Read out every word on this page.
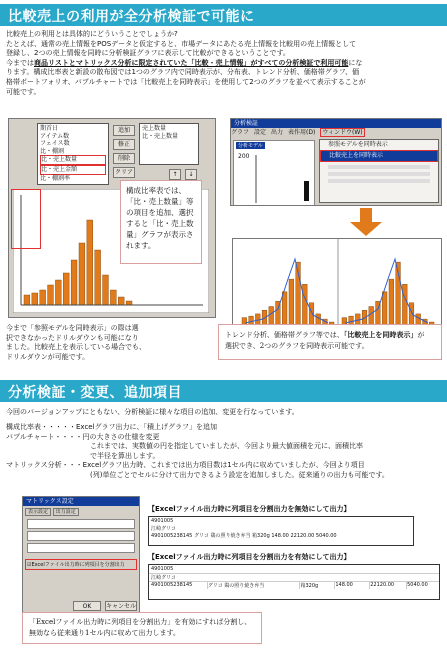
比較売上の利用が全分析検証で可能に
比較売上の利用とは具体的にどういうことでしょうか?
たとえば、通常の売上情報をPOSデータと仮定すると、市場データにあたる売上情報を比較用の売上情報として
登録し、2つの売上情報を同時に分析検証グラフに表示して比較ができるということです。
今までは商品リストとマトリックス分析に限定されていた「比較・売上情報」がすべての分析検証で利用可能にな
ります。構成比率表と新設の散布図では1つのグラフ内で同時表示が、分布表、トレンド分析、価格帯グラフ、価
格帯ポートフォリオ、バブルチャートでは「比較売上を同時表示」を使用して2つのグラフを並べて表示することが
可能です。
期首日
アイテム数
フェイス数
比・棚割
比・売上数量
比・売上金額
比・棚割率
追加
修正
削除
クリア
売上数量
比・売上数量
↑	↓
構成比率表では、「比・売上数量」等の項目を追加、選択すると「比・売上数量」グラフが表示されます。
分析検証
グラフ 設定 出力 表作用(D) ウィンドウ(W)
分析モデル
200
参照モデルを同時表示
比較売上を同時表示
今まで「参照モデルを同時表示」の際は選
択できなかったドリルダウンも可能になり
ました。比較売上を表示している場合でも、
ドリルダウンが可能です。
トレンド分析、価格帯グラフ等では、「比較売上を同時表示」が
選択でき、2つのグラフを同時表示可能です。
分析検証・変更、追加項目
今回のバージョンアップにともない、分析検証に様々な項目の追加、変更を行なっています。
構成比率表・・・・・Excelグラフ出力に、「積上げグラフ」を追加
バブルチャート・・・・円の大きさの仕様を変更
これまでは、実数値の円を指定していましたが、今回より最大値面積を元に、面積比率
で半径を算出します。
マトリックス分析・・・Excelグラフ出力時、これまでは出力項目数は1セル内に収めていましたが、今回より項目
(列)単位ごとでセルに分けて出力できるよう設定を追加しました。従来通りの出力も可能です。
マトリックス設定
表示設定 出力設定
☑Excelファイル出力時に列項目を分割出力
OK	キャンセル
【Excelファイル出力時に列項目を分割出力を無効にして出力】
4901005
江崎グリコ
4901005238145 グリコ 鶏の照り焼き弁当 箱320g 148.00 22120.00 5040.00
【Excelファイル出力時に列項目を分割出力を有効にして出力】
4901005
江崎グリコ
4901005238145	グリコ 鶏の照り焼き弁当	箱320g	148.00	22120.00	5040.00
「Excelファイル出力時に列項目を分割出力」を有効にすれば分割し、無効なら従来通り1セル内に収めて出力します。
